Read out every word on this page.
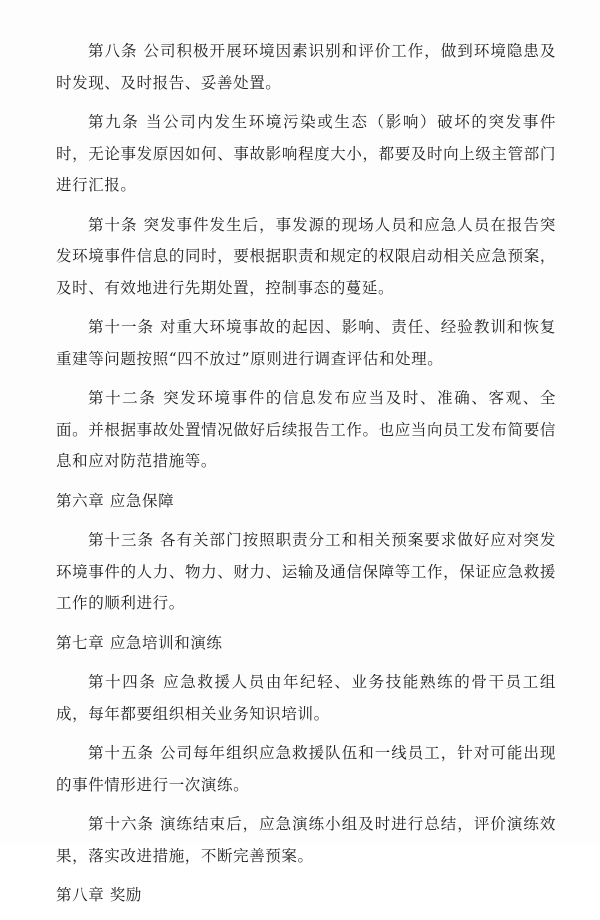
第八条 公司积极开展环境因素识别和评价工作，做到环境隐患及时发现、及时报告、妥善处置。

第九条 当公司内发生环境污染或生态（影响）破坏的突发事件时，无论事发原因如何、事故影响程度大小，都要及时向上级主管部门进行汇报。

第十条 突发事件发生后，事发源的现场人员和应急人员在报告突发环境事件信息的同时，要根据职责和规定的权限启动相关应急预案，及时、有效地进行先期处置，控制事态的蔓延。

第十一条 对重大环境事故的起因、影响、责任、经验教训和恢复重建等问题按照“四不放过”原则进行调查评估和处理。

第十二条 突发环境事件的信息发布应当及时、准确、客观、全面。并根据事故处置情况做好后续报告工作。也应当向员工发布简要信息和应对防范措施等。

第六章 应急保障

第十三条 各有关部门按照职责分工和相关预案要求做好应对突发环境事件的人力、物力、财力、运输及通信保障等工作，保证应急救援工作的顺利进行。

第七章 应急培训和演练

第十四条 应急救援人员由年纪轻、业务技能熟练的骨干员工组成，每年都要组织相关业务知识培训。

第十五条 公司每年组织应急救援队伍和一线员工，针对可能出现的事件情形进行一次演练。

第十六条 演练结束后，应急演练小组及时进行总结，评价演练效果，落实改进措施，不断完善预案。

第八章 奖励
